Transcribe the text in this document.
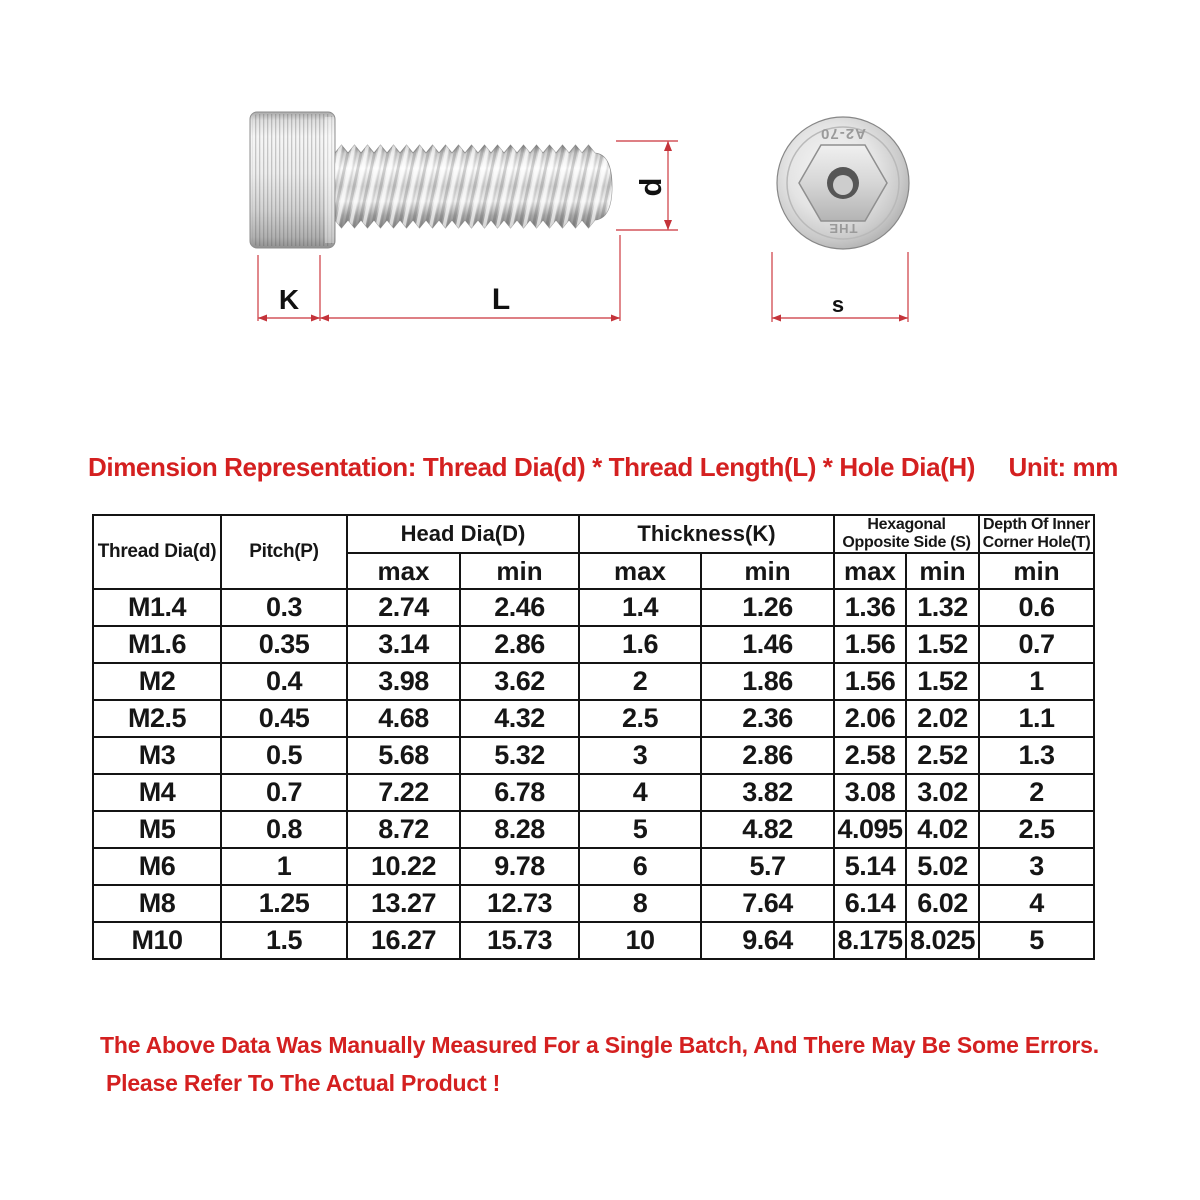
K	L
d
A2-70
THE
s
Dimension Representation: Thread Dia(d) * Thread Length(L) * Hole Dia(H) Unit: mm
Thread Dia(d)	Pitch(P)	Head Dia(D)		Thickness(K)		Hexagonal Opposite Side (S)		Depth Of Inner Corner Hole(T)
		max	min	max	min	max	min	min
M1.4	0.3	2.74	2.46	1.4	1.26	1.36	1.32	0.6
M1.6	0.35	3.14	2.86	1.6	1.46	1.56	1.52	0.7
M2	0.4	3.98	3.62	2	1.86	1.56	1.52	1
M2.5	0.45	4.68	4.32	2.5	2.36	2.06	2.02	1.1
M3	0.5	5.68	5.32	3	2.86	2.58	2.52	1.3
M4	0.7	7.22	6.78	4	3.82	3.08	3.02	2
M5	0.8	8.72	8.28	5	4.82	4.095	4.02	2.5
M6	1	10.22	9.78	6	5.7	5.14	5.02	3
M8	1.25	13.27	12.73	8	7.64	6.14	6.02	4
M10	1.5	16.27	15.73	10	9.64	8.175	8.025	5
The Above Data Was Manually Measured For a Single Batch, And There May Be Some Errors.
Please Refer To The Actual Product !
